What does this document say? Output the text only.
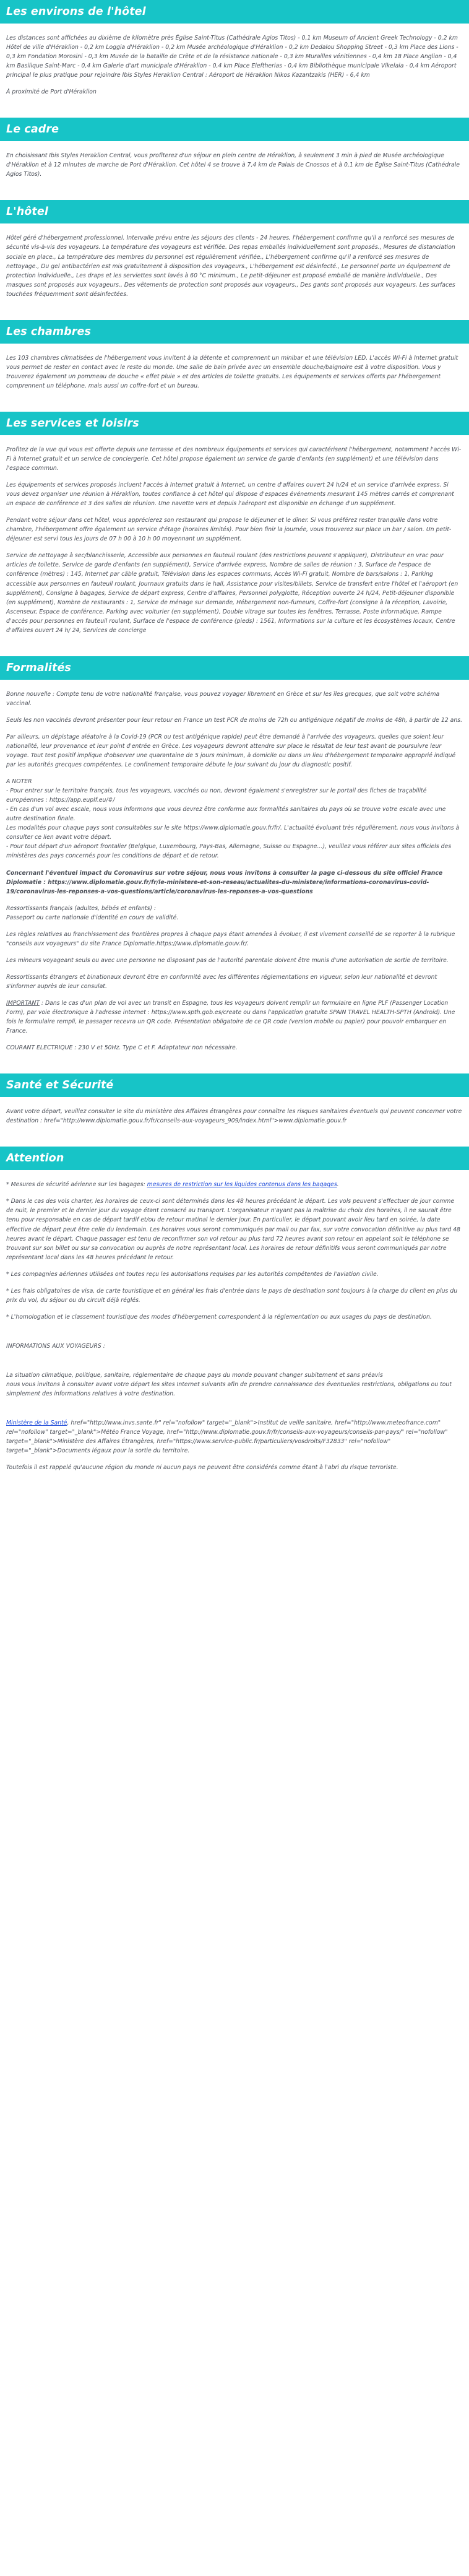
Les environs de l'hôtel

Les distances sont affichées au dixième de kilomètre près Église Saint-Titus (Cathédrale Agios Titos) - 0,1 km Museum of Ancient Greek Technology - 0,2 km Hôtel de ville d'Héraklion - 0,2 km Loggia d'Héraklion - 0,2 km Musée archéologique d'Héraklion - 0,2 km Dedalou Shopping Street - 0,3 km Place des Lions - 0,3 km Fondation Morosini - 0,3 km Musée de la bataille de Crète et de la résistance nationale - 0,3 km Murailles vénitiennes - 0,4 km 18 Place Anglion - 0,4 km Basilique Saint-Marc - 0,4 km Galerie d'art municipale d'Héraklion - 0,4 km Place Eleftherias - 0,4 km Bibliothèque municipale Vikelaia - 0,4 km Aéroport principal le plus pratique pour rejoindre Ibis Styles Heraklion Central : Aéroport de Héraklion Nikos Kazantzakis (HER) - 6,4 km

À proximité de Port d'Héraklion

Le cadre

En choisissant Ibis Styles Heraklion Central, vous profiterez d'un séjour en plein centre de Héraklion, à seulement 3 min à pied de Musée archéologique d'Héraklion et à 12 minutes de marche de Port d'Héraklion. Cet hôtel 4 se trouve à 7,4 km de Palais de Cnossos et à 0,1 km de Église Saint-Titus (Cathédrale Agios Titos).

L'hôtel

Hôtel géré d'hébergement professionnel. Intervalle prévu entre les séjours des clients - 24 heures, l'hébergement confirme qu'il a renforcé ses mesures de sécurité vis-à-vis des voyageurs. La température des voyageurs est vérifiée. Des repas emballés individuellement sont proposés., Mesures de distanciation sociale en place., La température des membres du personnel est régulièrement vérifiée., L'hébergement confirme qu'il a renforcé ses mesures de nettoyage., Du gel antibactérien est mis gratuitement à disposition des voyageurs., L'hébergement est désinfecté., Le personnel porte un équipement de protection individuelle., Les draps et les serviettes sont lavés à 60 °C minimum., Le petit-déjeuner est proposé emballé de manière individuelle., Des masques sont proposés aux voyageurs., Des vêtements de protection sont proposés aux voyageurs., Des gants sont proposés aux voyageurs. Les surfaces touchées fréquemment sont désinfectées.

Les chambres

Les 103 chambres climatisées de l'hébergement vous invitent à la détente et comprennent un minibar et une télévision LED. L'accès Wi-Fi à Internet gratuit vous permet de rester en contact avec le reste du monde. Une salle de bain privée avec un ensemble douche/baignoire est à votre disposition. Vous y trouverez également un pommeau de douche « effet pluie » et des articles de toilette gratuits. Les équipements et services offerts par l'hébergement comprennent un téléphone, mais aussi un coffre-fort et un bureau.

Les services et loisirs

Profitez de la vue qui vous est offerte depuis une terrasse et des nombreux équipements et services qui caractérisent l'hébergement, notamment l'accès Wi-Fi à Internet gratuit et un service de conciergerie. Cet hôtel propose également un service de garde d'enfants (en supplément) et une télévision dans l'espace commun.

Les équipements et services proposés incluent l'accès à Internet gratuit à Internet, un centre d'affaires ouvert 24 h/24 et un service d'arrivée express. Si vous devez organiser une réunion à Héraklion, toutes confiance à cet hôtel qui dispose d'espaces événements mesurant 145 mètres carrés et comprenant un espace de conférence et 3 des salles de réunion. Une navette vers et depuis l'aéroport est disponible en échange d'un supplément.

Pendant votre séjour dans cet hôtel, vous apprécierez son restaurant qui propose le déjeuner et le dîner. Si vous préférez rester tranquille dans votre chambre, l'hébergement offre également un service d'étage (horaires limités). Pour bien finir la journée, vous trouverez sur place un bar / salon. Un petit-déjeuner est servi tous les jours de 07 h 00 à 10 h 00 moyennant un supplément.

Service de nettoyage à sec/blanchisserie, Accessible aux personnes en fauteuil roulant (des restrictions peuvent s'appliquer), Distributeur en vrac pour articles de toilette, Service de garde d'enfants (en supplément), Service d'arrivée express, Nombre de salles de réunion : 3, Surface de l'espace de conférence (mètres) : 145, Internet par câble gratuit, Télévision dans les espaces communs, Accès Wi-Fi gratuit, Nombre de bars/salons : 1, Parking accessible aux personnes en fauteuil roulant, Journaux gratuits dans le hall, Assistance pour visites/billets, Service de transfert entre l'hôtel et l'aéroport (en supplément), Consigne à bagages, Service de départ express, Centre d'affaires, Personnel polyglotte, Réception ouverte 24 h/24, Petit-déjeuner disponible (en supplément), Nombre de restaurants : 1, Service de ménage sur demande, Hébergement non-fumeurs, Coffre-fort (consigne à la réception, Lavoirie, Ascenseur, Espace de conférence, Parking avec voiturier (en supplément), Double vitrage sur toutes les fenêtres, Terrasse, Poste informatique, Rampe d'accès pour personnes en fauteuil roulant, Surface de l'espace de conférence (pieds) : 1561, Informations sur la culture et les écosystèmes locaux, Centre d'affaires ouvert 24 h/ 24, Services de concierge

Formalités

Bonne nouvelle : Compte tenu de votre nationalité française, vous pouvez voyager librement en Grèce et sur les îles grecques, que soit votre schéma vaccinal.

Seuls les non vaccinés devront présenter pour leur retour en France un test PCR de moins de 72h ou antigénique négatif de moins de 48h, à partir de 12 ans.

Par ailleurs, un dépistage aléatoire à la Covid-19 (PCR ou test antigénique rapide) peut être demandé à l'arrivée des voyageurs, quelles que soient leur nationalité, leur provenance et leur point d'entrée en Grèce. Les voyageurs devront attendre sur place le résultat de leur test avant de poursuivre leur voyage. Tout test positif implique d'observer une quarantaine de 5 jours minimum, à domicile ou dans un lieu d'hébergement temporaire approprié indiqué par les autorités grecques compétentes. Le confinement temporaire débute le jour suivant du jour du diagnostic positif.

A NOTER
- Pour entrer sur le territoire français, tous les voyageurs, vaccinés ou non, devront également s'enregistrer sur le portail des fiches de traçabilité européennes : https://app.euplf.eu/#/
- En cas d'un vol avec escale, nous vous informons que vous devrez être conforme aux formalités sanitaires du pays où se trouve votre escale avec une autre destination finale.
Les modalités pour chaque pays sont consultables sur le site https://www.diplomatie.gouv.fr/fr/. L'actualité évoluant très régulièrement, nous vous invitons à consulter ce lien avant votre départ.
- Pour tout départ d'un aéroport frontalier (Belgique, Luxembourg, Pays-Bas, Allemagne, Suisse ou Espagne...), veuillez vous référer aux sites officiels des ministères des pays concernés pour les conditions de départ et de retour.

Concernant l'éventuel impact du Coronavirus sur votre séjour, nous vous invitons à consulter la page ci-dessous du site officiel France Diplomatie : https://www.diplomatie.gouv.fr/fr/le-ministere-et-son-reseau/actualites-du-ministere/informations-coronavirus-covid-19/coronavirus-les-reponses-a-vos-questions/article/coronavirus-les-reponses-a-vos-questions

Ressortissants français (adultes, bébés et enfants) :
Passeport ou carte nationale d'identité en cours de validité.

Les règles relatives au franchissement des frontières propres à chaque pays étant amenées à évoluer, il est vivement conseillé de se reporter à la rubrique "conseils aux voyageurs" du site France Diplomatie.https://www.diplomatie.gouv.fr/.

Les mineurs voyageant seuls ou avec une personne ne disposant pas de l'autorité parentale doivent être munis d'une autorisation de sortie de territoire.

Ressortissants étrangers et binationaux devront être en conformité avec les différentes réglementations en vigueur, selon leur nationalité et devront s'informer auprès de leur consulat.

IMPORTANT : Dans le cas d'un plan de vol avec un transit en Espagne, tous les voyageurs doivent remplir un formulaire en ligne PLF (Passenger Location Form), par voie électronique à l'adresse internet : https://www.spth.gob.es/create ou dans l'application gratuite SPAIN TRAVEL HEALTH-SPTH (Android). Une fois le formulaire rempli, le passager recevra un QR code. Présentation obligatoire de ce QR code (version mobile ou papier) pour pouvoir embarquer en France.

COURANT ELECTRIQUE : 230 V et 50Hz. Type C et F. Adaptateur non nécessaire.

Santé et Sécurité

Avant votre départ, veuillez consulter le site du ministère des Affaires étrangères pour connaître les risques sanitaires éventuels qui peuvent concerner votre destination : href="http://www.diplomatie.gouv.fr/fr/conseils-aux-voyageurs_909/index.html">www.diplomatie.gouv.fr

Attention

* Mesures de sécurité aérienne sur les bagages: mesures de restriction sur les liquides contenus dans les bagages.

* Dans le cas des vols charter, les horaires de ceux-ci sont déterminés dans les 48 heures précédant le départ. Les vols peuvent s'effectuer de jour comme de nuit, le premier et le dernier jour du voyage étant consacré au transport. L'organisateur n'ayant pas la maîtrise du choix des horaires, il ne saurait être tenu pour responsable en cas de départ tardif et/ou de retour matinal le dernier jour. En particulier, le départ pouvant avoir lieu tard en soirée, la date effective de départ peut être celle du lendemain. Les horaires vous seront communiqués par mail ou par fax, sur votre convocation définitive au plus tard 48 heures avant le départ. Chaque passager est tenu de reconfirmer son vol retour au plus tard 72 heures avant son retour en appelant soit le téléphone se trouvant sur son billet ou sur sa convocation ou auprès de notre représentant local. Les horaires de retour définitifs vous seront communiqués par notre représentant local dans les 48 heures précédant le retour.

* Les compagnies aériennes utilisées ont toutes reçu les autorisations requises par les autorités compétentes de l'aviation civile.

* Les frais obligatoires de visa, de carte touristique et en général les frais d'entrée dans le pays de destination sont toujours à la charge du client en plus du prix du vol, du séjour ou du circuit déjà réglés.

* L'homologation et le classement touristique des modes d'hébergement correspondent à la réglementation ou aux usages du pays de destination.

INFORMATIONS AUX VOYAGEURS :

La situation climatique, politique, sanitaire, réglementaire de chaque pays du monde pouvant changer subitement et sans préavis
nous vous invitons à consulter avant votre départ les sites Internet suivants afin de prendre connaissance des éventuelles restrictions, obligations ou tout simplement des informations relatives à votre destination.

Ministère de la Santé, href="http://www.invs.sante.fr" rel="nofollow" target="_blank">Institut de veille sanitaire, href="http://www.meteofrance.com" rel="nofollow" target="_blank">Météo France Voyage, href="http://www.diplomatie.gouv.fr/fr/conseils-aux-voyageurs/conseils-par-pays/" rel="nofollow" target="_blank">Ministère des Affaires Étrangères, href="https://www.service-public.fr/particuliers/vosdroits/F32833" rel="nofollow" target="_blank">Documents légaux pour la sortie du territoire.

Toutefois il est rappelé qu'aucune région du monde ni aucun pays ne peuvent être considérés comme étant à l'abri du risque terroriste.
